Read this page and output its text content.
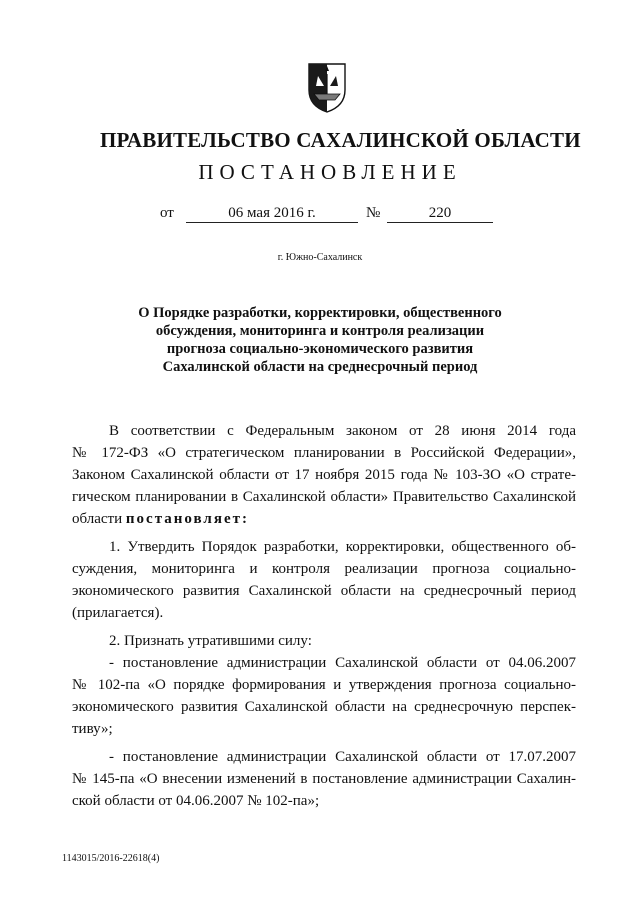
ПРАВИТЕЛЬСТВО САХАЛИНСКОЙ ОБЛАСТИ
ПОСТАНОВЛЕНИЕ
от	06 мая 2016 г.	№	220
г. Южно-Сахалинск
О Порядке разработки, корректировки, общественного
обсуждения, мониторинга и контроля реализации
прогноза социально-экономического развития
Сахалинской области на среднесрочный период
В соответствии с Федеральным законом от 28 июня 2014 года
№ 172-ФЗ «О стратегическом планировании в Российской Федерации»,
Законом Сахалинской области от 17 ноября 2015 года № 103-ЗО «О страте-
гическом планировании в Сахалинской области» Правительство Сахалинской
области постановляет:
1. Утвердить Порядок разработки, корректировки, общественного об-
суждения, мониторинга и контроля реализации прогноза социально-
экономического развития Сахалинской области на среднесрочный период
(прилагается).
2. Признать утратившими силу:
- постановление администрации Сахалинской области от 04.06.2007
№ 102-па «О порядке формирования и утверждения прогноза социально-
экономического развития Сахалинской области на среднесрочную перспек-
тиву»;
- постановление администрации Сахалинской области от 17.07.2007
№ 145-па «О внесении изменений в постановление администрации Сахалин-
ской области от 04.06.2007 № 102-па»;
1143015/2016-22618(4)
